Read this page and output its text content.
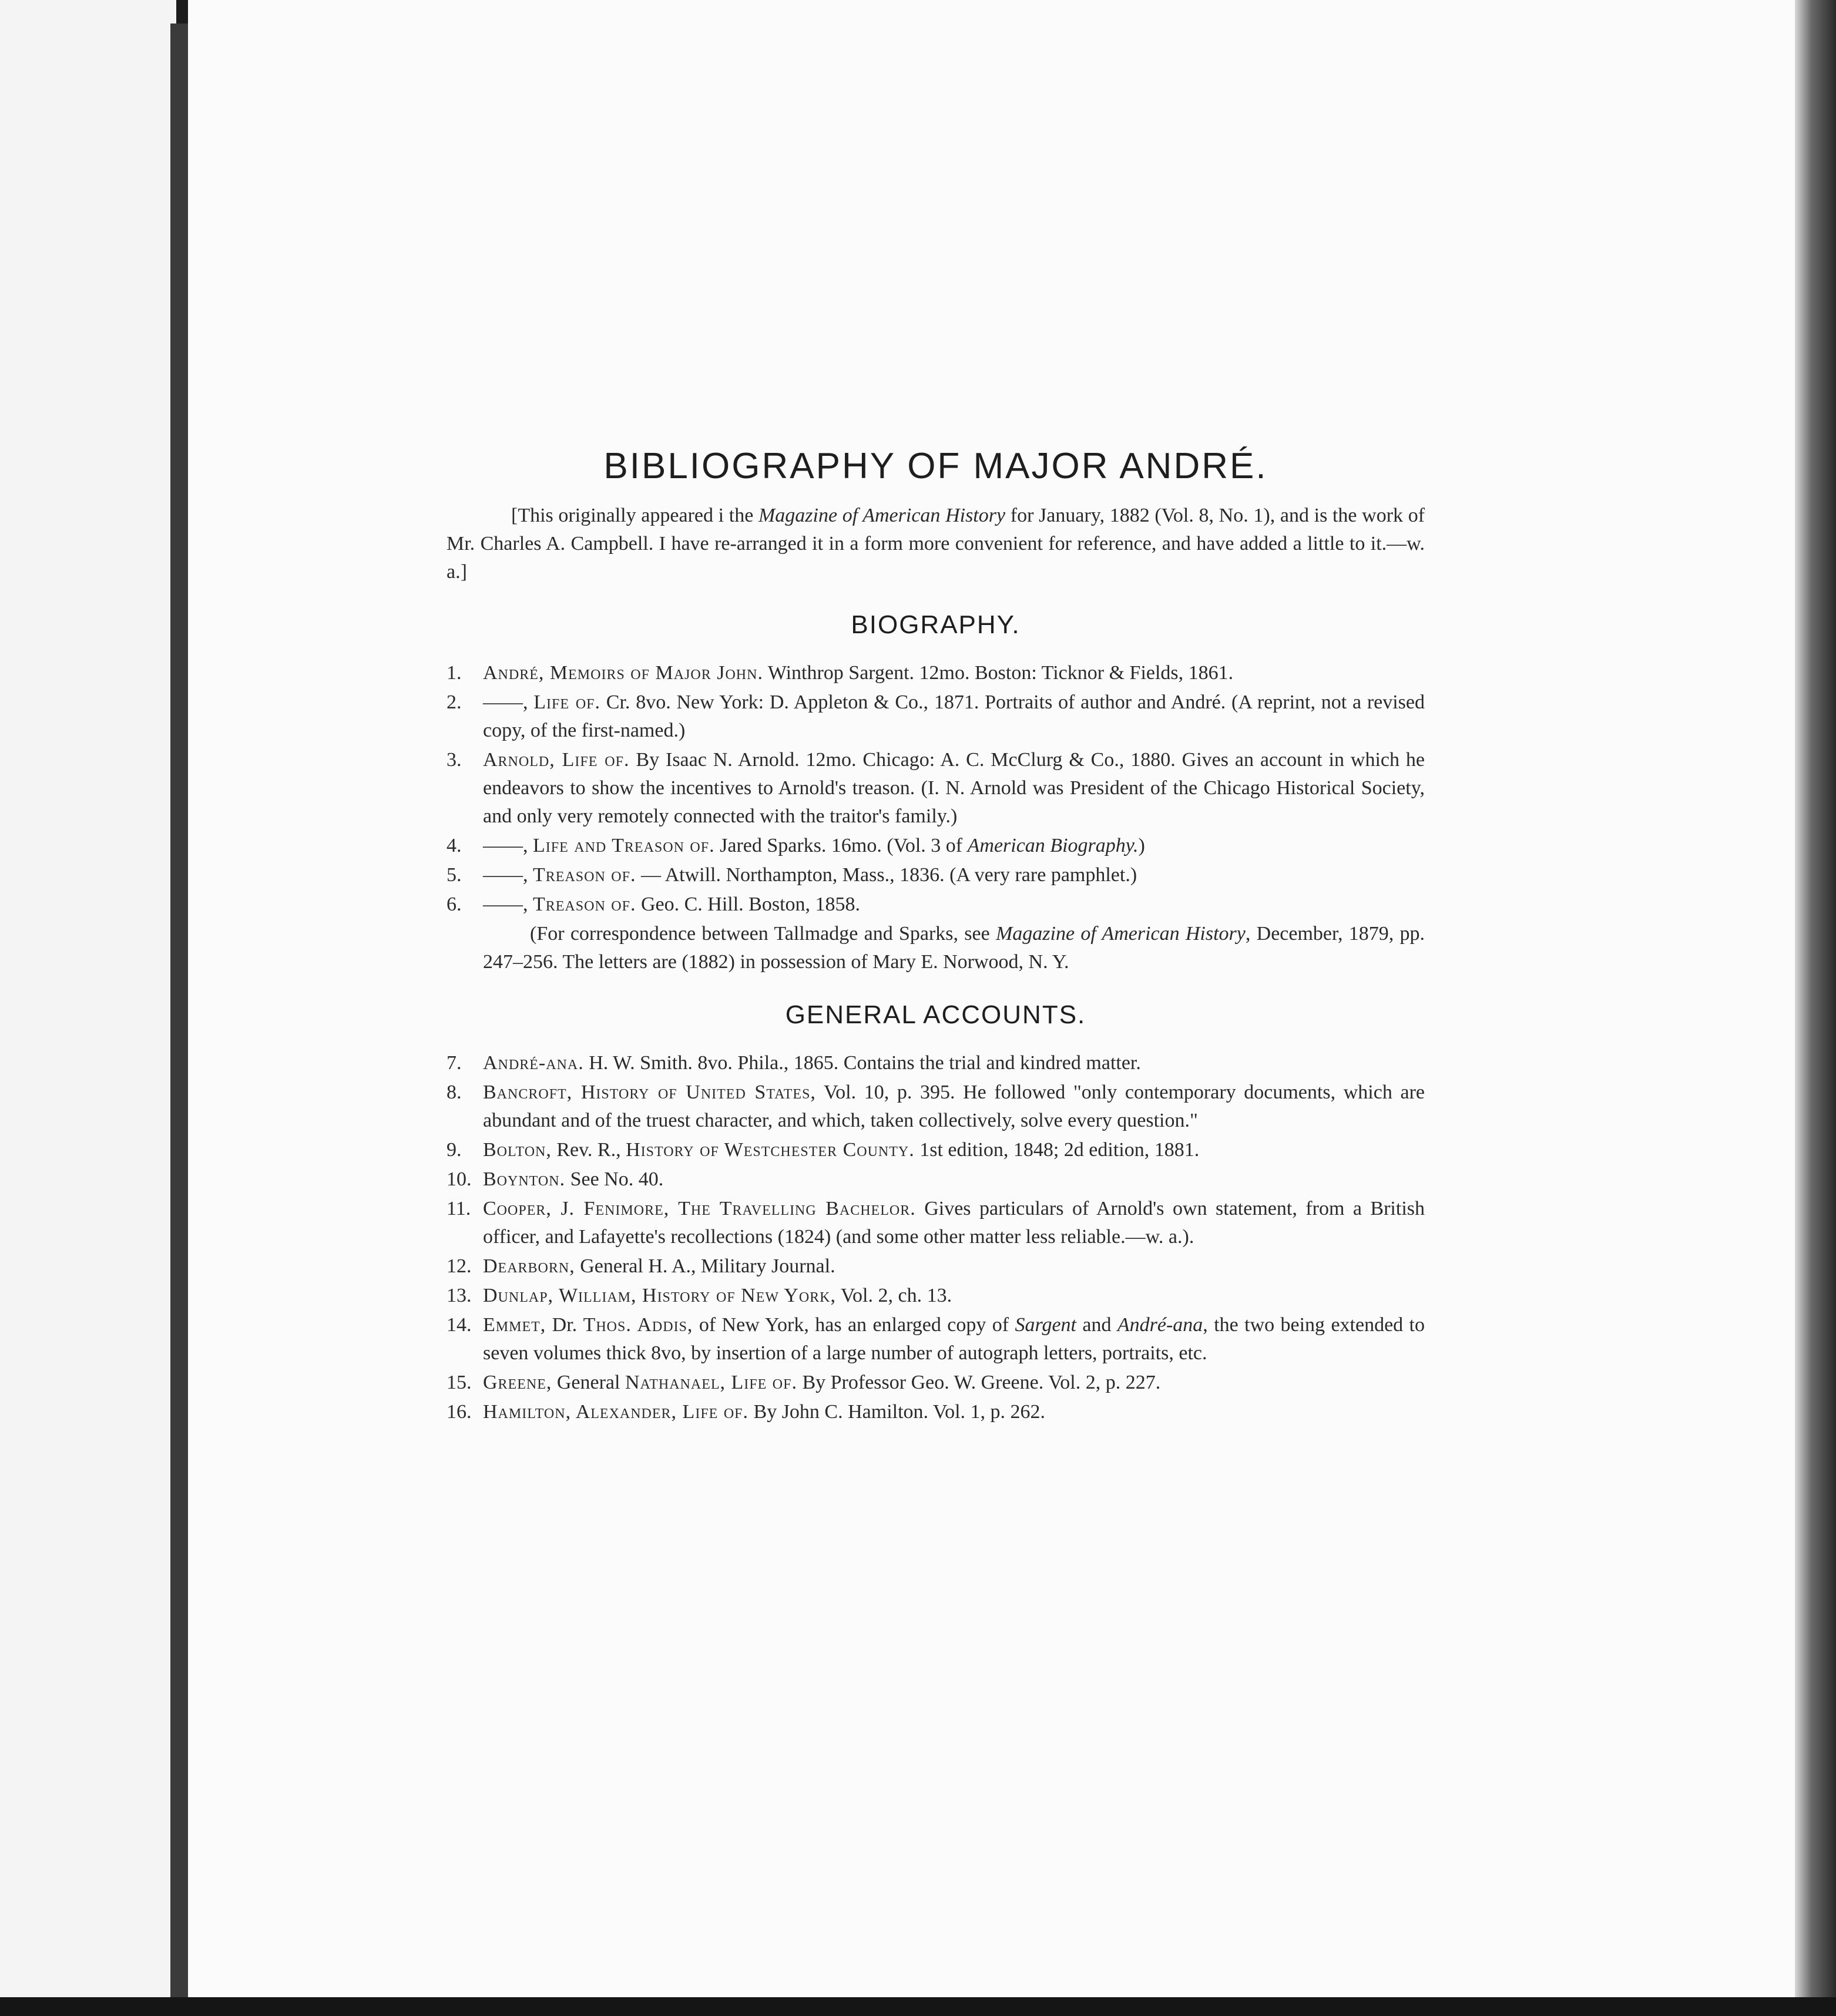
BIBLIOGRAPHY OF MAJOR ANDRÉ.

[This originally appeared i the Magazine of American History for January, 1882 (Vol. 8, No. 1), and is the work of Mr. Charles A. Campbell. I have re-arranged it in a form more convenient for reference, and have added a little to it.—w. a.]

BIOGRAPHY.
1.	André, Memoirs of Major John. Winthrop Sargent. 12mo. Boston: Ticknor & Fields, 1861.
2.	——, Life of. Cr. 8vo. New York: D. Appleton & Co., 1871. Portraits of author and André. (A reprint, not a revised copy, of the first-named.)
3.	Arnold, Life of. By Isaac N. Arnold. 12mo. Chicago: A. C. McClurg & Co., 1880. Gives an account in which he endeavors to show the incentives to Arnold's treason. (I. N. Arnold was President of the Chicago Historical Society, and only very remotely connected with the traitor's family.)
4.	——, Life and Treason of. Jared Sparks. 16mo. (Vol. 3 of American Biography.)
5.	——, Treason of. — Atwill. Northampton, Mass., 1836. (A very rare pamphlet.)
6.	——, Treason of. Geo. C. Hill. Boston, 1858.

(For correspondence between Tallmadge and Sparks, see Magazine of American History, December, 1879, pp. 247–256. The letters are (1882) in possession of Mary E. Norwood, N. Y.

GENERAL ACCOUNTS.
7.	André-ana. H. W. Smith. 8vo. Phila., 1865. Contains the trial and kindred matter.
8.	Bancroft, History of United States, Vol. 10, p. 395. He followed "only contemporary documents, which are abundant and of the truest character, and which, taken collectively, solve every question."
9.	Bolton, Rev. R., History of Westchester County. 1st edition, 1848; 2d edition, 1881.
10. Boynton. See No. 40.
11. Cooper, J. Fenimore, The Travelling Bachelor. Gives particulars of Arnold's own statement, from a British officer, and Lafayette's recollections (1824) (and some other matter less reliable.—w. a.).
12. Dearborn, General H. A., Military Journal.
13. Dunlap, William, History of New York, Vol. 2, ch. 13.
14. Emmet, Dr. Thos. Addis, of New York, has an enlarged copy of Sargent and André-ana, the two being extended to seven volumes thick 8vo, by insertion of a large number of autograph letters, portraits, etc.
15. Greene, General Nathanael, Life of. By Professor Geo. W. Greene. Vol. 2, p. 227.
16. Hamilton, Alexander, Life of. By John C. Hamilton. Vol. 1, p. 262.
